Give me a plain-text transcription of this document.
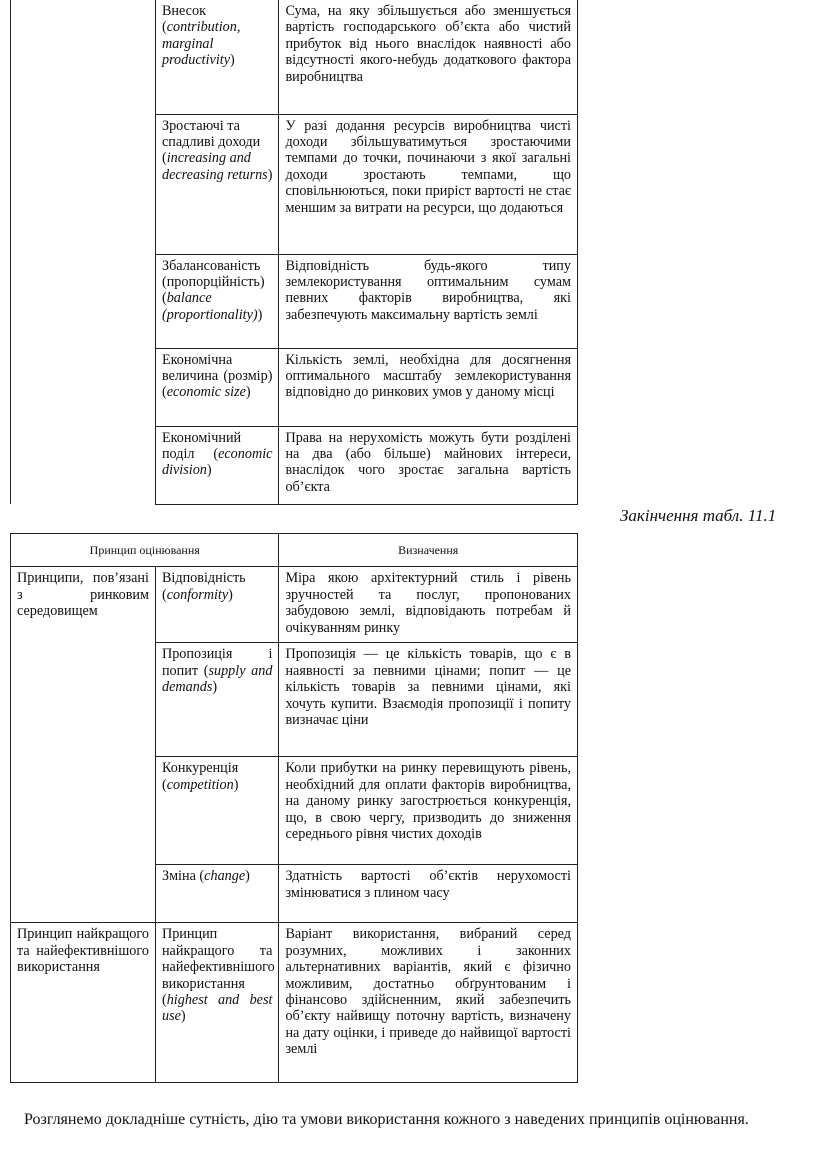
	Внесок (contribution, marginal productivity)	Сума, на яку збільшується або зменшується вартість господарського об’єкта або чистий прибуток від нього внаслідок наявності або відсутності якого-небудь додаткового фактора виробництва
	Зростаючі та спадливі доходи (increasing and decreasing returns)	У разі додання ресурсів виробництва чисті доходи збільшуватимуться зростаючими темпами до точки, починаючи з якої загальні доходи зростають темпами, що сповільнюються, поки приріст вартості не стає меншим за витрати на ресурси, що додаються
	Збалансованість (пропорційність) (balance (proportionality))	Відповідність будь-якого типу землекористування оптимальним сумам певних факторів виробництва, які забезпечують максимальну вартість землі
	Економічна величина (розмір) (economic size)	Кількість землі, необхідна для досягнення оптимального масштабу землекористування відповідно до ринкових умов у даному місці
	Економічний поділ (economic division)	Права на нерухомість можуть бути розділені на два (або більше) майнових інтереси, внаслідок чого зростає загальна вартість об’єкта
Закінчення табл. 11.1
Принцип оцінювання		Визначення
Принципи, пов’язані з ринковим середовищем	Відповідність (conformity)	Міра якою архітектурний стиль і рівень зручностей та послуг, пропонованих забудовою землі, відповідають потребам й очікуванням ринку
	Пропозиція і попит (supply and demands)	Пропозиція — це кількість товарів, що є в наявності за певними цінами; попит — це кількість товарів за певними цінами, які хочуть купити. Взаємодія пропозиції і попиту визначає ціни
	Конкуренція (competition)	Коли прибутки на ринку перевищують рівень, необхідний для оплати факторів виробництва, на даному ринку загострюється конкуренція, що, в свою чергу, призводить до зниження середнього рівня чистих доходів
	Зміна (change)	Здатність вартості об’єктів нерухомості змінюватися з плином часу
Принцип найкращого та найефективнішого використання	Принцип найкращого та найефективнішого використання (highest and best use)	Варіант використання, вибраний серед розумних, можливих і законних альтернативних варіантів, який є фізично можливим, достатньо обґрунтованим і фінансово здійсненним, який забезпечить об’єкту найвищу поточну вартість, визначену на дату оцінки, і приведе до найвищої вартості землі
Розглянемо докладніше сутність, дію та умови використання кожного з наведених принципів оцінювання.
